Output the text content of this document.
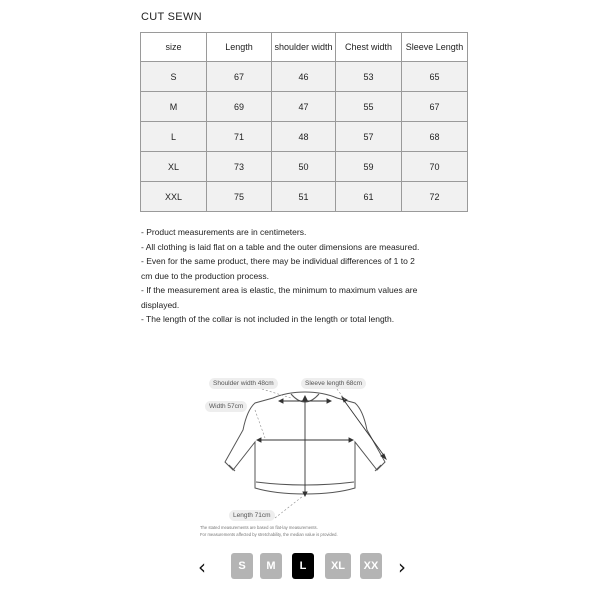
CUT SEWN
size	Length	shoulder width	Chest width	Sleeve Length
S	67	46	53	65
M	69	47	55	67
L	71	48	57	68
XL	73	50	59	70
XXL	75	51	61	72
- Product measurements are in centimeters.
- All clothing is laid flat on a table and the outer dimensions are measured.
- Even for the same product, there may be individual differences of 1 to 2
cm due to the production process.
- If the measurement area is elastic, the minimum to maximum values are
displayed.
- The length of the collar is not included in the length or total length.
Shoulder width 48cm	Sleeve length 68cm
Width 57cm
Length 71cm
The stated measurements are based on flat-lay measurements.
For measurements affected by stretchability, the median value is provided.
‹	S	M	L	XL	XX ›
